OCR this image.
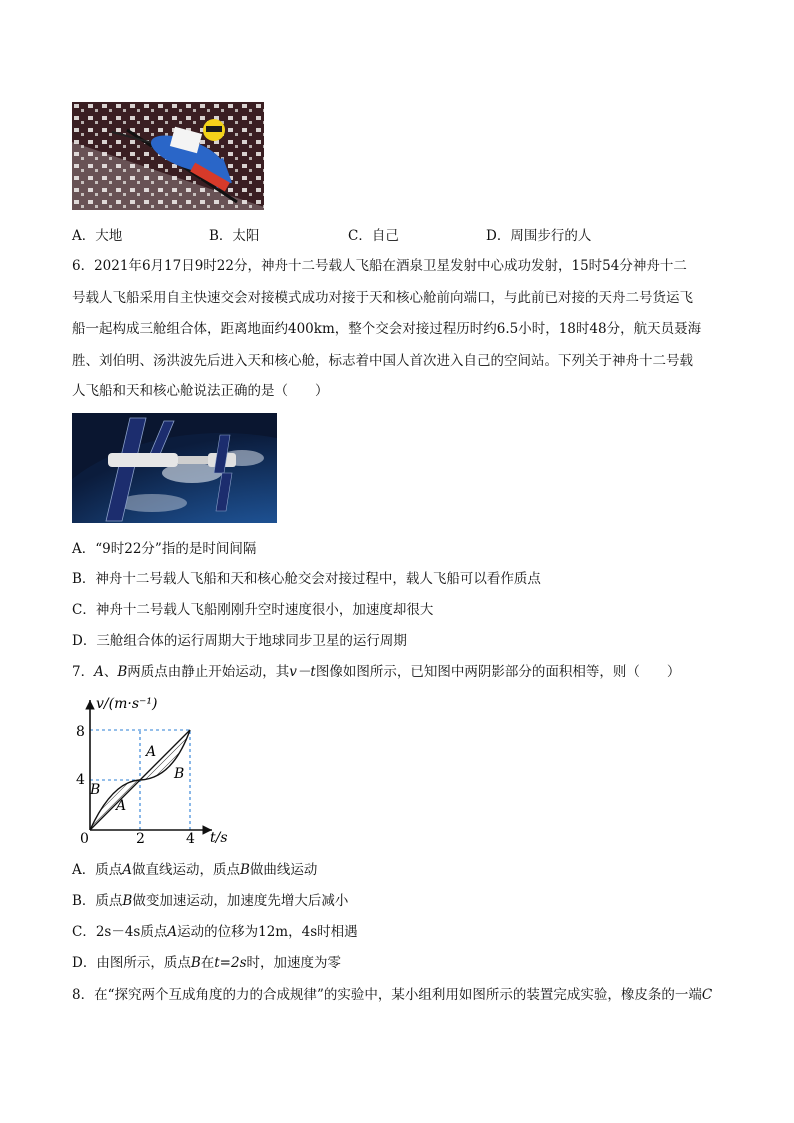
A．大地	B．太阳	C．自己	D．周围步行的人
6．2021年6月17日9时22分，神舟十二号载人飞船在酒泉卫星发射中心成功发射，15时54分神舟十二
号载人飞船采用自主快速交会对接模式成功对接于天和核心舱前向端口，与此前已对接的天舟二号货运飞
船一起构成三舱组合体，距离地面约400km，整个交会对接过程历时约6.5小时，18时48分，航天员聂海
胜、刘伯明、汤洪波先后进入天和核心舱，标志着中国人首次进入自己的空间站。下列关于神舟十二号载
人飞船和天和核心舱说法正确的是（　　）
A．“9时22分”指的是时间间隔
B．神舟十二号载人飞船和天和核心舱交会对接过程中，载人飞船可以看作质点
C．神舟十二号载人飞船刚刚升空时速度很小，加速度却很大
D．三舱组合体的运行周期大于地球同步卫星的运行周期
7．A、B两质点由静止开始运动，其v－t图像如图所示，已知图中两阴影部分的面积相等，则（　　）
v/(m·s⁻¹)
t/s
8
4
0	2	4
A
B
B
A
A．质点A做直线运动，质点B做曲线运动
B．质点B做变加速运动，加速度先增大后减小
C．2s－4s质点A运动的位移为12m，4s时相遇
D．由图所示，质点B在t=2s时，加速度为零
8．在“探究两个互成角度的力的合成规律”的实验中，某小组利用如图所示的装置完成实验，橡皮条的一端C
